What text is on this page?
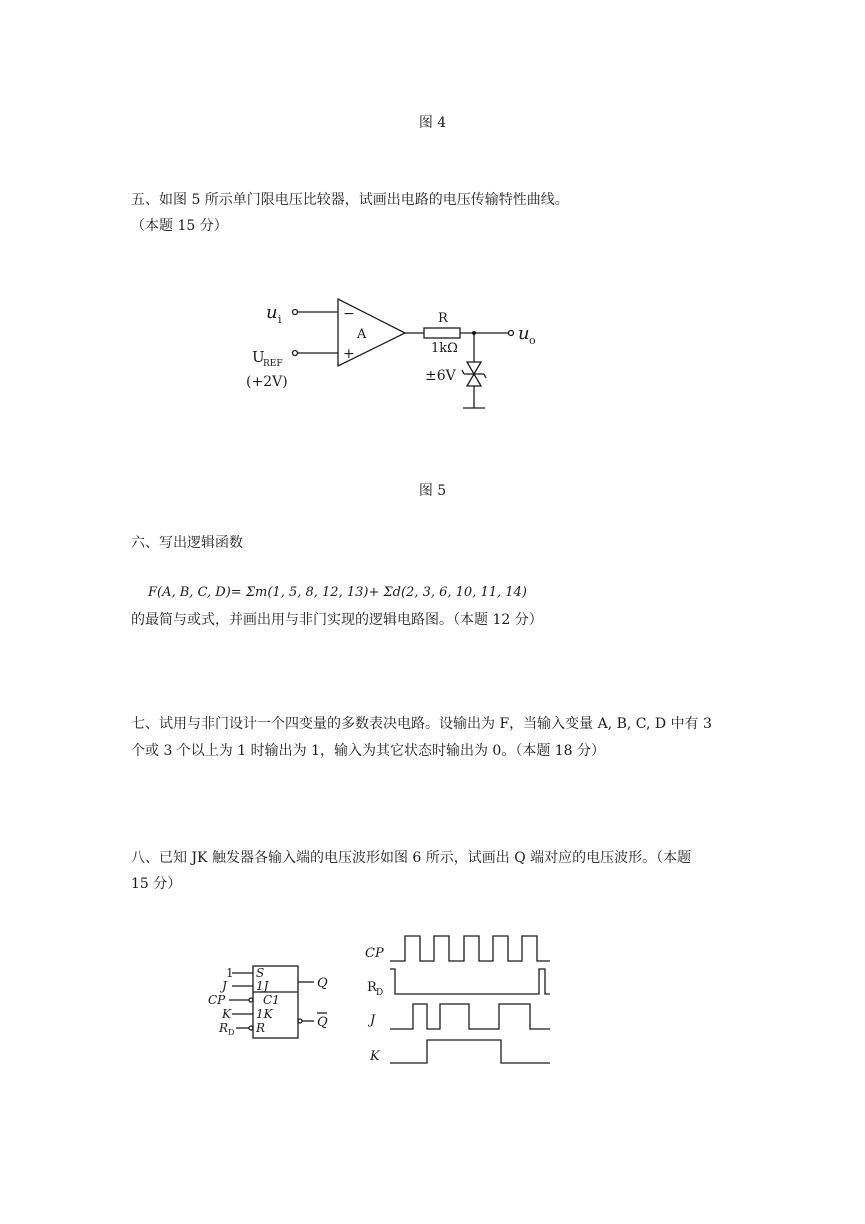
图 4
五、如图 5 所示单门限电压比较器，试画出电路的电压传输特性曲线。
（本题 15 分）
u i
U
REF
(+2V)
−
+
A
R
1kΩ
u o
±6V
图 5
六、写出逻辑函数
F(A, B, C, D)= Σm(1, 5, 8, 12, 13)+ Σd(2, 3, 6, 10, 11, 14)
的最简与或式，并画出用与非门实现的逻辑电路图。（本题 12 分）
七、试用与非门设计一个四变量的多数表决电路。设输出为 F，当输入变量 A, B, C, D 中有 3
个或 3 个以上为 1 时输出为 1，输入为其它状态时输出为 0。（本题 18 分）
八、已知 JK 触发器各输入端的电压波形如图 6 所示，试画出 Q 端对应的电压波形。（本题
15 分）
1
J
CP
K
R D
S
1J
C1
1K
R
Q
Q
CP
R D
J
K
